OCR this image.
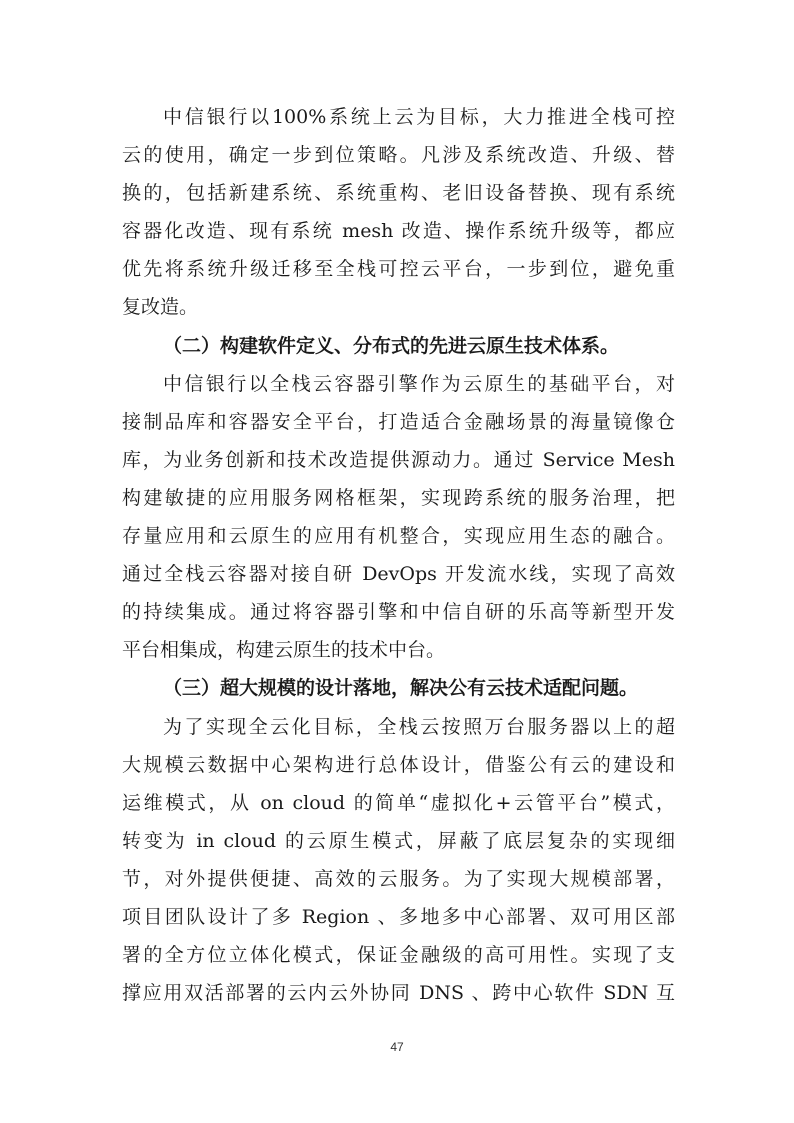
中信银行以100%系统上云为目标，大力推进全栈可控
云的使用，确定一步到位策略。凡涉及系统改造、升级、替
换的，包括新建系统、系统重构、老旧设备替换、现有系统
容器化改造、现有系统 mesh 改造、操作系统升级等，都应
优先将系统升级迁移至全栈可控云平台，一步到位，避免重
复改造。
（二）构建软件定义、分布式的先进云原生技术体系。
中信银行以全栈云容器引擎作为云原生的基础平台，对
接制品库和容器安全平台，打造适合金融场景的海量镜像仓
库，为业务创新和技术改造提供源动力。通过 Service Mesh
构建敏捷的应用服务网格框架，实现跨系统的服务治理，把
存量应用和云原生的应用有机整合，实现应用生态的融合。
通过全栈云容器对接自研 DevOps 开发流水线，实现了高效
的持续集成。通过将容器引擎和中信自研的乐高等新型开发
平台相集成，构建云原生的技术中台。
（三）超大规模的设计落地，解决公有云技术适配问题。
为了实现全云化目标，全栈云按照万台服务器以上的超
大规模云数据中心架构进行总体设计，借鉴公有云的建设和
运维模式，从 on cloud 的简单“虚拟化+云管平台”模式，
转变为 in cloud 的云原生模式，屏蔽了底层复杂的实现细
节，对外提供便捷、高效的云服务。为了实现大规模部署，
项目团队设计了多 Region 、多地多中心部署、双可用区部
署的全方位立体化模式，保证金融级的高可用性。实现了支
撑应用双活部署的云内云外协同 DNS 、跨中心软件 SDN 互
47
